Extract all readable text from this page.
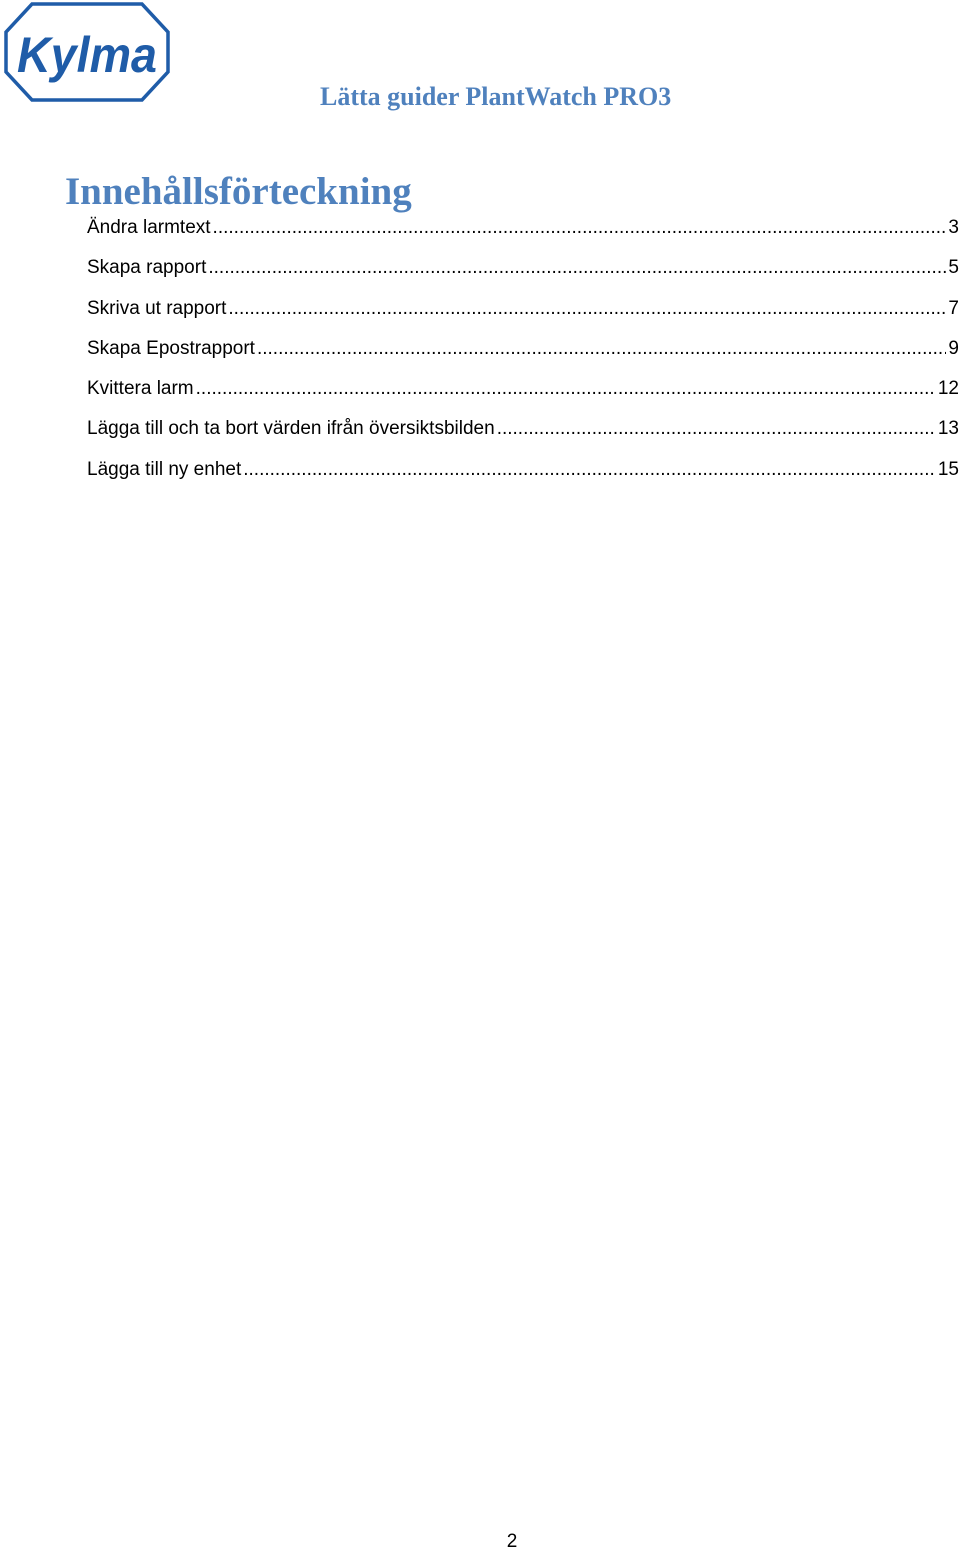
Kylma
Lätta guider PlantWatch PRO3
Innehållsförteckning
Ändra larmtext .....	3
Skapa rapport .....	5
Skriva ut rapport .....	7
Skapa Epostrapport .....	9
Kvittera larm .....	12
Lägga till och ta bort värden ifrån översiktsbilden .....	13
Lägga till ny enhet .....	15
2
